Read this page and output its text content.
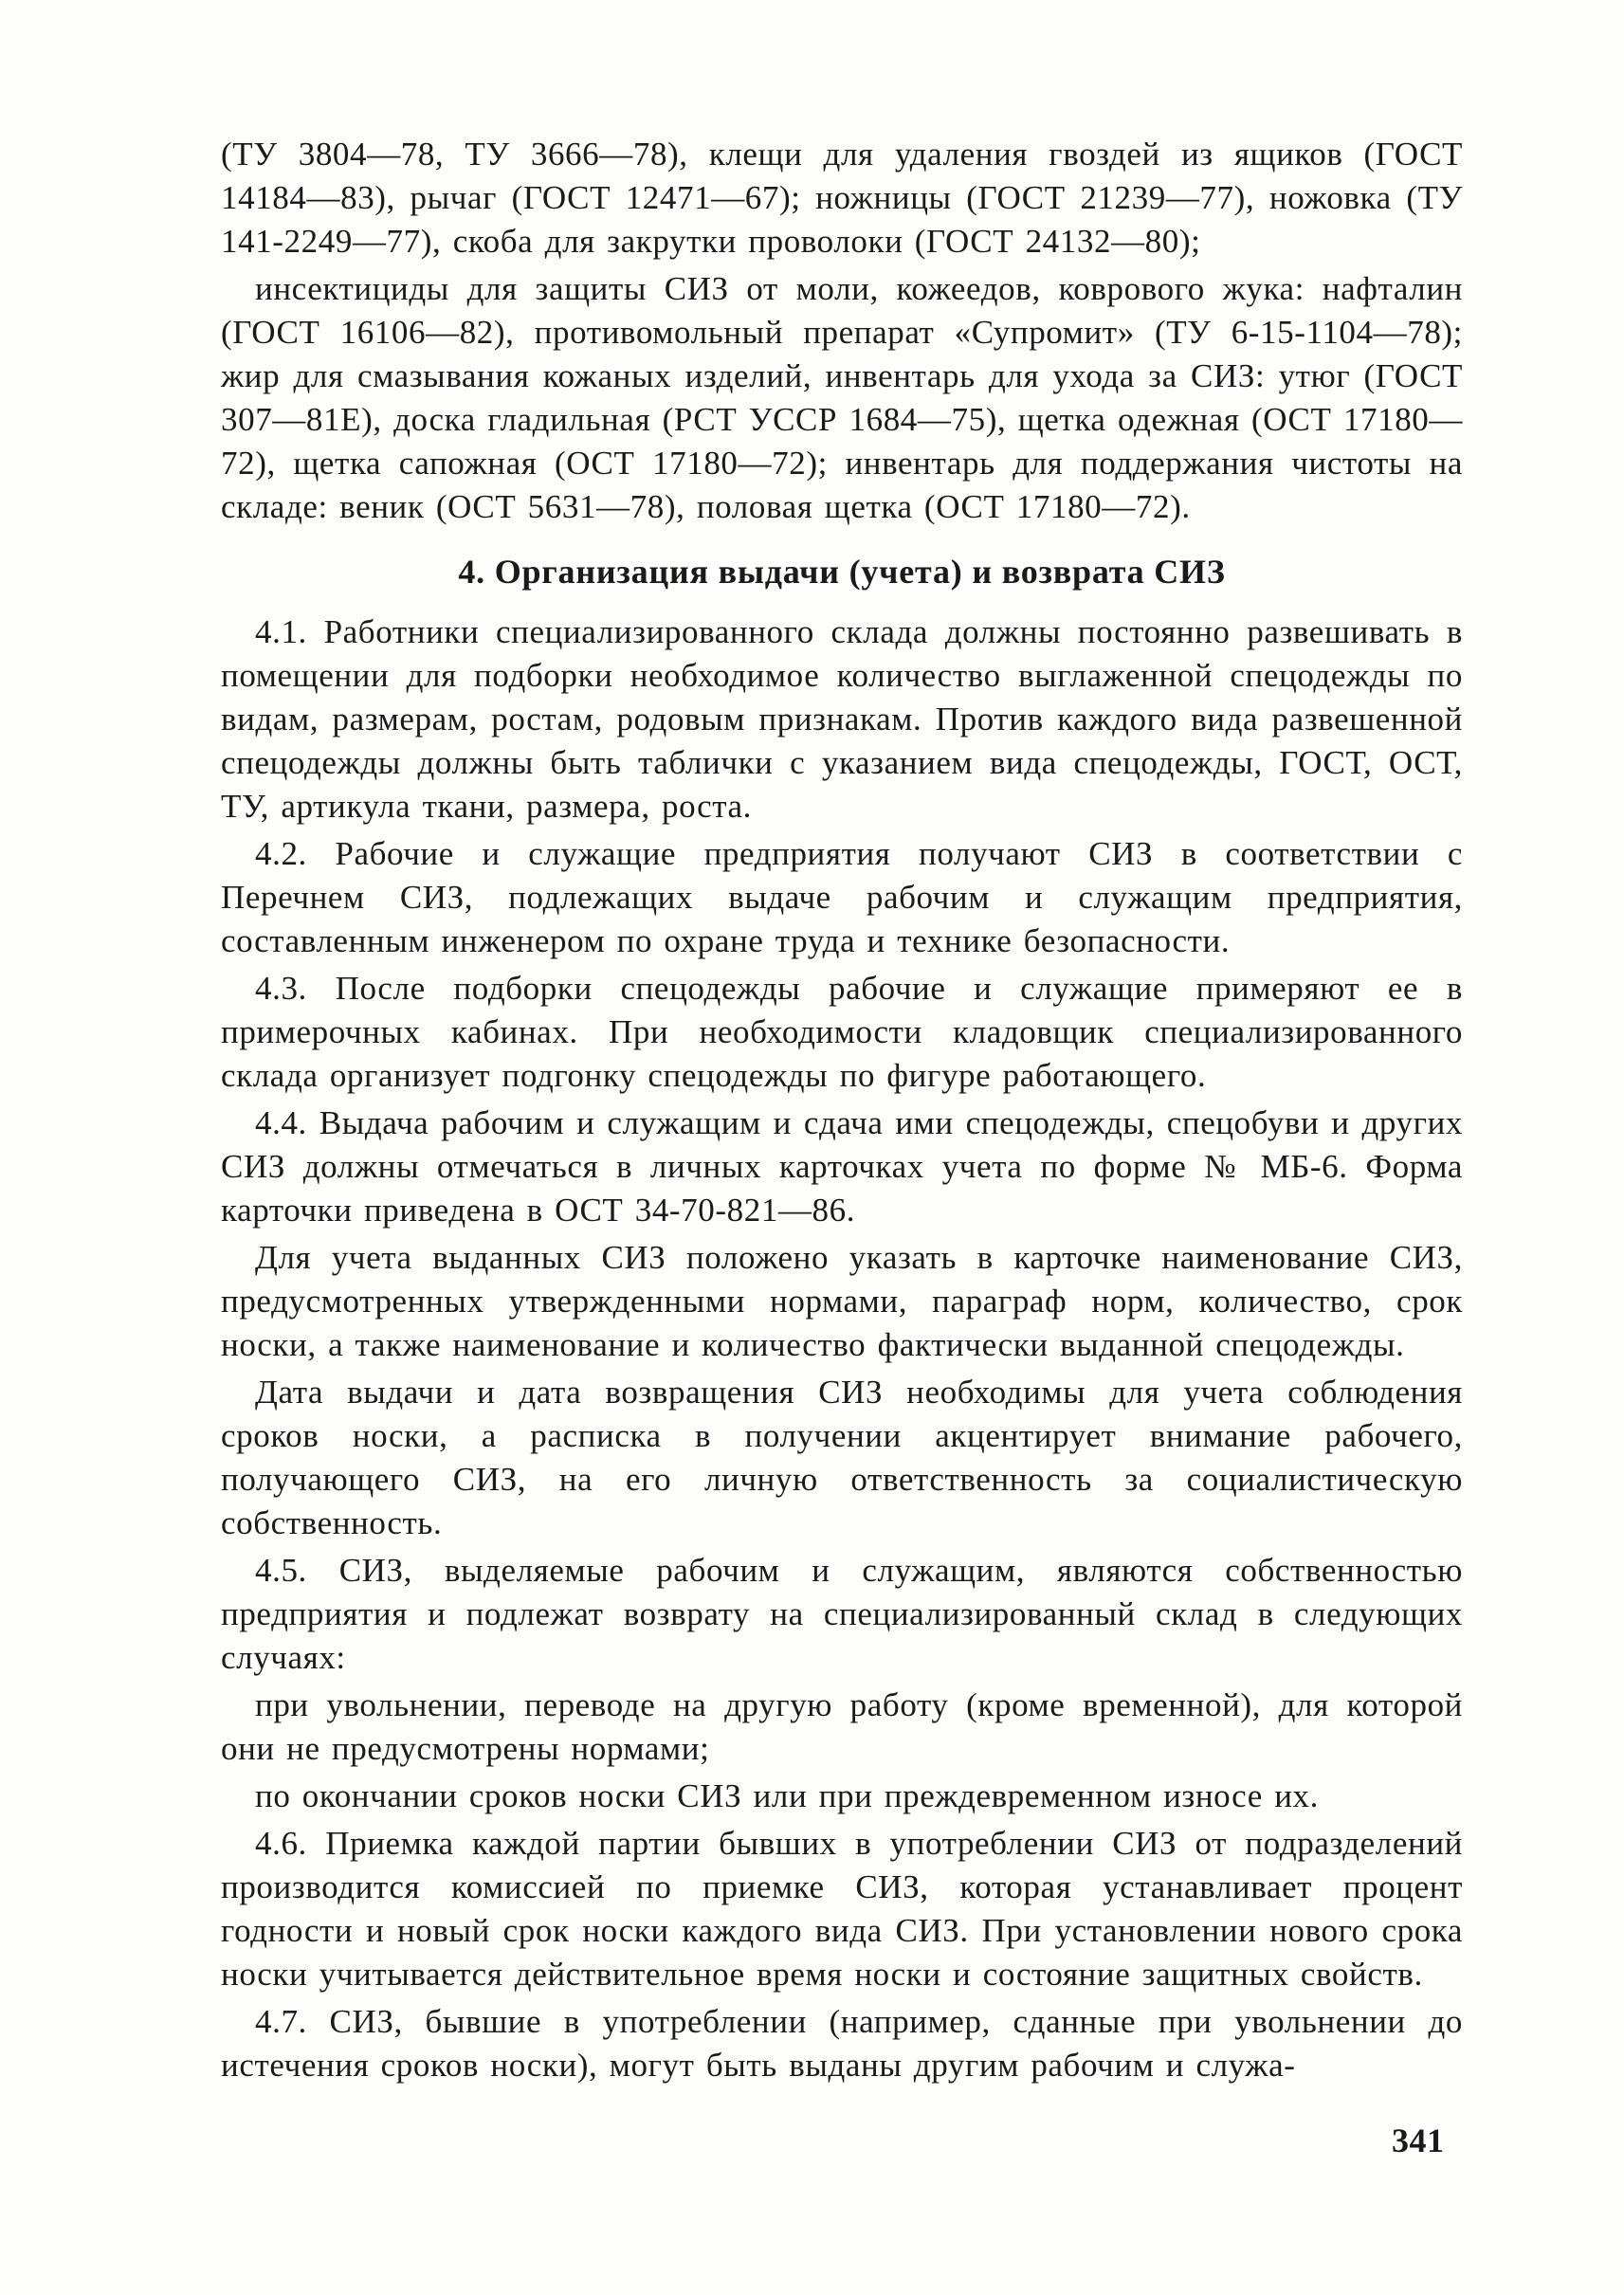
(ТУ 3804—78, ТУ 3666—78), клещи для удаления гвоздей из ящиков (ГОСТ 14184—83), рычаг (ГОСТ 12471—67); ножницы (ГОСТ 21239—77), ножовка (ТУ 141-2249—77), скоба для закрутки проволоки (ГОСТ 24132—80);

инсектициды для защиты СИЗ от моли, кожеедов, коврового жука: нафталин (ГОСТ 16106—82), противомольный препарат «Супромит» (ТУ 6-15-1104—78); жир для смазывания кожаных изделий, инвентарь для ухода за СИЗ: утюг (ГОСТ 307—81Е), доска гладильная (РСТ УССР 1684—75), щетка одежная (ОСТ 17180—72), щетка сапожная (ОСТ 17180—72); инвентарь для поддержания чистоты на складе: веник (ОСТ 5631—78), половая щетка (ОСТ 17180—72).

4. Организация выдачи (учета) и возврата СИЗ

4.1. Работники специализированного склада должны постоянно развешивать в помещении для подборки необходимое количество выглаженной спецодежды по видам, размерам, ростам, родовым признакам. Против каждого вида развешенной спецодежды должны быть таблички с указанием вида спецодежды, ГОСТ, ОСТ, ТУ, артикула ткани, размера, роста.

4.2. Рабочие и служащие предприятия получают СИЗ в соответствии с Перечнем СИЗ, подлежащих выдаче рабочим и служащим предприятия, составленным инженером по охране труда и технике безопасности.

4.3. После подборки спецодежды рабочие и служащие примеряют ее в примерочных кабинах. При необходимости кладовщик специализированного склада организует подгонку спецодежды по фигуре работающего.

4.4. Выдача рабочим и служащим и сдача ими спецодежды, спецобуви и других СИЗ должны отмечаться в личных карточках учета по форме № МБ-6. Форма карточки приведена в ОСТ 34-70-821—86.

Для учета выданных СИЗ положено указать в карточке наименование СИЗ, предусмотренных утвержденными нормами, параграф норм, количество, срок носки, а также наименование и количество фактически выданной спецодежды.

Дата выдачи и дата возвращения СИЗ необходимы для учета соблюдения сроков носки, а расписка в получении акцентирует внимание рабочего, получающего СИЗ, на его личную ответственность за социалистическую собственность.

4.5. СИЗ, выделяемые рабочим и служащим, являются собственностью предприятия и подлежат возврату на специализированный склад в следующих случаях:

при увольнении, переводе на другую работу (кроме временной), для которой они не предусмотрены нормами;

по окончании сроков носки СИЗ или при преждевременном износе их.

4.6. Приемка каждой партии бывших в употреблении СИЗ от подразделений производится комиссией по приемке СИЗ, которая устанавливает процент годности и новый срок носки каждого вида СИЗ. При установлении нового срока носки учитывается действительное время носки и состояние защитных свойств.

4.7. СИЗ, бывшие в употреблении (например, сданные при увольнении до истечения сроков носки), могут быть выданы другим рабочим и служа-

341
